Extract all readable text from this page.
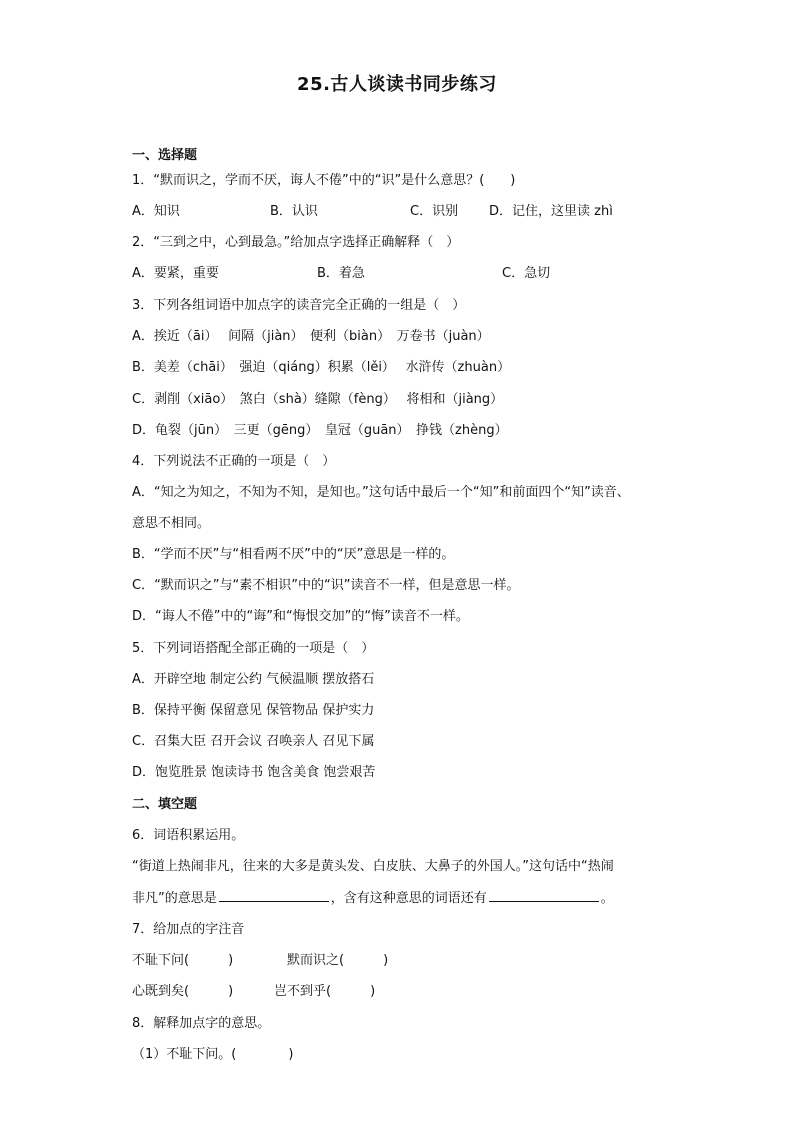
25.古人谈读书同步练习
一、选择题
1．“默而识之，学而不厌，诲人不倦”中的“识”是什么意思？(　　)
A．知识	B．认识	C．识别 D．记住，这里读 zhì
2．“三到之中，心到最急。”给加点字选择正确解释（　）
A．要紧，重要	B．着急	C．急切
3．下列各组词语中加点字的读音完全正确的一组是（　）
A．挨近（āi）　 间隔（jiàn）　便利（biàn）　万卷书（juàn）
B．美差（chāi）　强迫（qiáng）积累（lěi）　 水浒传（zhuàn）
C．剥削（xiāo）　煞白（shà）缝隙（fèng）　 将相和（jiàng）
D．龟裂（jūn）　三更（gēng）　皇冠（guān）　挣钱（zhèng）
4．下列说法不正确的一项是（　）
A．“知之为知之，不知为不知，是知也。”这句话中最后一个“知”和前面四个“知”读音、
意思不相同。
B．“学而不厌”与“相看两不厌”中的“厌”意思是一样的。
C．“默而识之”与“素不相识”中的“识”读音不一样，但是意思一样。
D．“诲人不倦”中的“诲”和“悔恨交加”的“悔”读音不一样。
5．下列词语搭配全部正确的一项是（　）
A．开辟空地 制定公约 气候温顺 摆放搭石
B．保持平衡 保留意见 保管物品 保护实力
C．召集大臣 召开会议 召唤亲人 召见下属
D．饱览胜景 饱读诗书 饱含美食 饱尝艰苦
二、填空题
6．词语积累运用。
“街道上热闹非凡，往来的大多是黄头发、白皮肤、大鼻子的外国人。”这句话中“热闹
非凡”的意思是	，含有这种意思的词语还有	。
7．给加点的字注音
不耻下问(　　　)	默而识之(　　　)
心既到矣(　　　)	岂不到乎(　　　)
8．解释加点字的意思。
（1）不耻下问。(　　　　)
